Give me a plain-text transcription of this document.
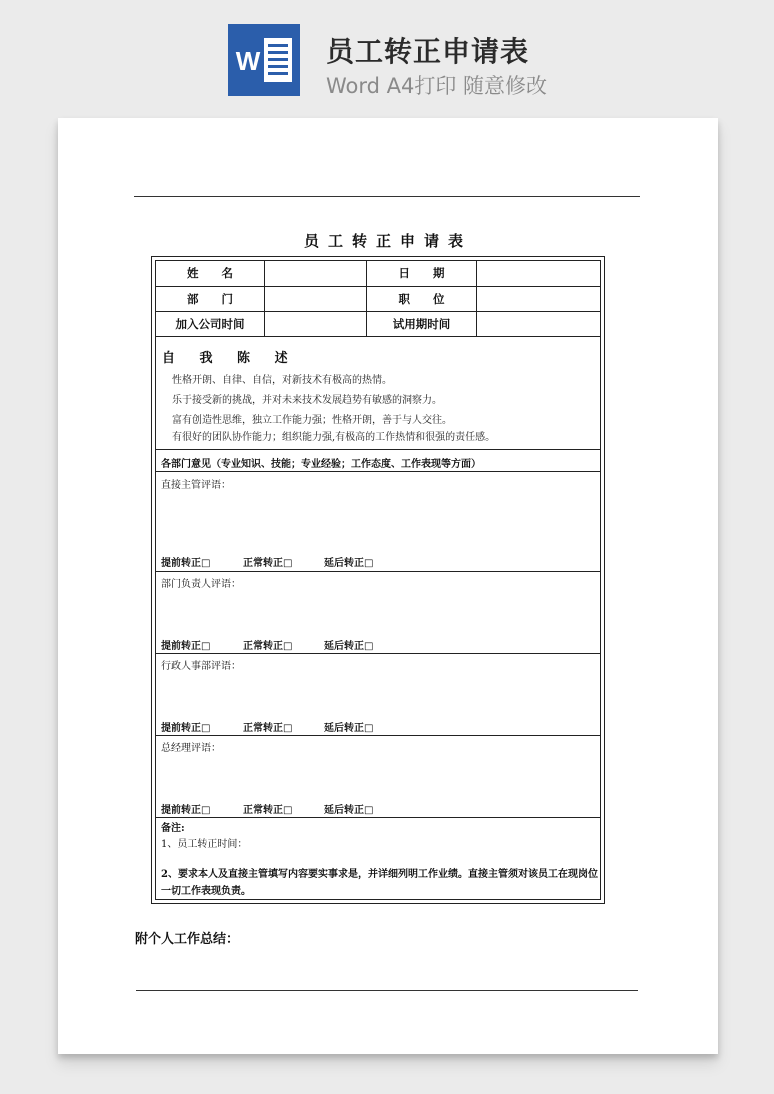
W 员工转正申请表
Word A4打印 随意修改
员工转正申请表
姓　　名	日　　期
部　　门	职　　位
加入公司时间	试用期时间
自 我 陈 述
性格开朗、自律、自信，对新技术有极高的热情。
乐于接受新的挑战，并对未来技术发展趋势有敏感的洞察力。
富有创造性思维，独立工作能力强；性格开朗，善于与人交往。
有很好的团队协作能力；组织能力强,有极高的工作热情和很强的责任感。
各部门意见（专业知识、技能；专业经验；工作态度、工作表现等方面）
直接主管评语：
提前转正□	正常转正□	延后转正□
部门负责人评语：
提前转正□	正常转正□	延后转正□
行政人事部评语：
提前转正□	正常转正□	延后转正□
总经理评语：
提前转正□	正常转正□	延后转正□
备注:
1、员工转正时间：
2、要求本人及直接主管填写内容要实事求是，并详细列明工作业绩。直接主管须对该员工在现岗位一切工作表现负责。
附个人工作总结：
